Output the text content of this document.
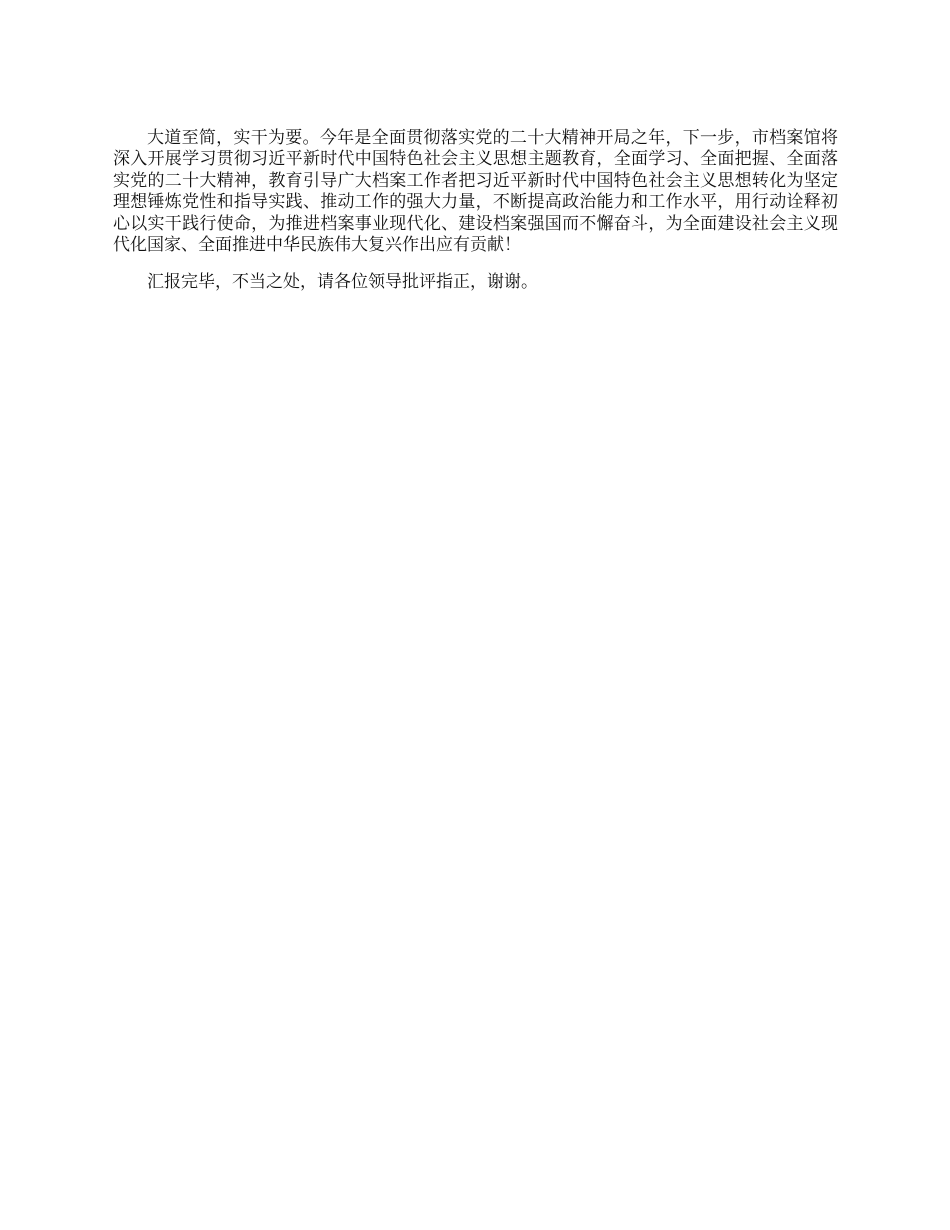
大道至简，实干为要。今年是全面贯彻落实党的二十大精神开局之年，下一步，市档案馆将深入开展学习贯彻习近平新时代中国特色社会主义思想主题教育，全面学习、全面把握、全面落实党的二十大精神，教育引导广大档案工作者把习近平新时代中国特色社会主义思想转化为坚定理想锤炼党性和指导实践、推动工作的强大力量，不断提高政治能力和工作水平，用行动诠释初心以实干践行使命，为推进档案事业现代化、建设档案强国而不懈奋斗，为全面建设社会主义现代化国家、全面推进中华民族伟大复兴作出应有贡献！

汇报完毕，不当之处，请各位领导批评指正，谢谢。
